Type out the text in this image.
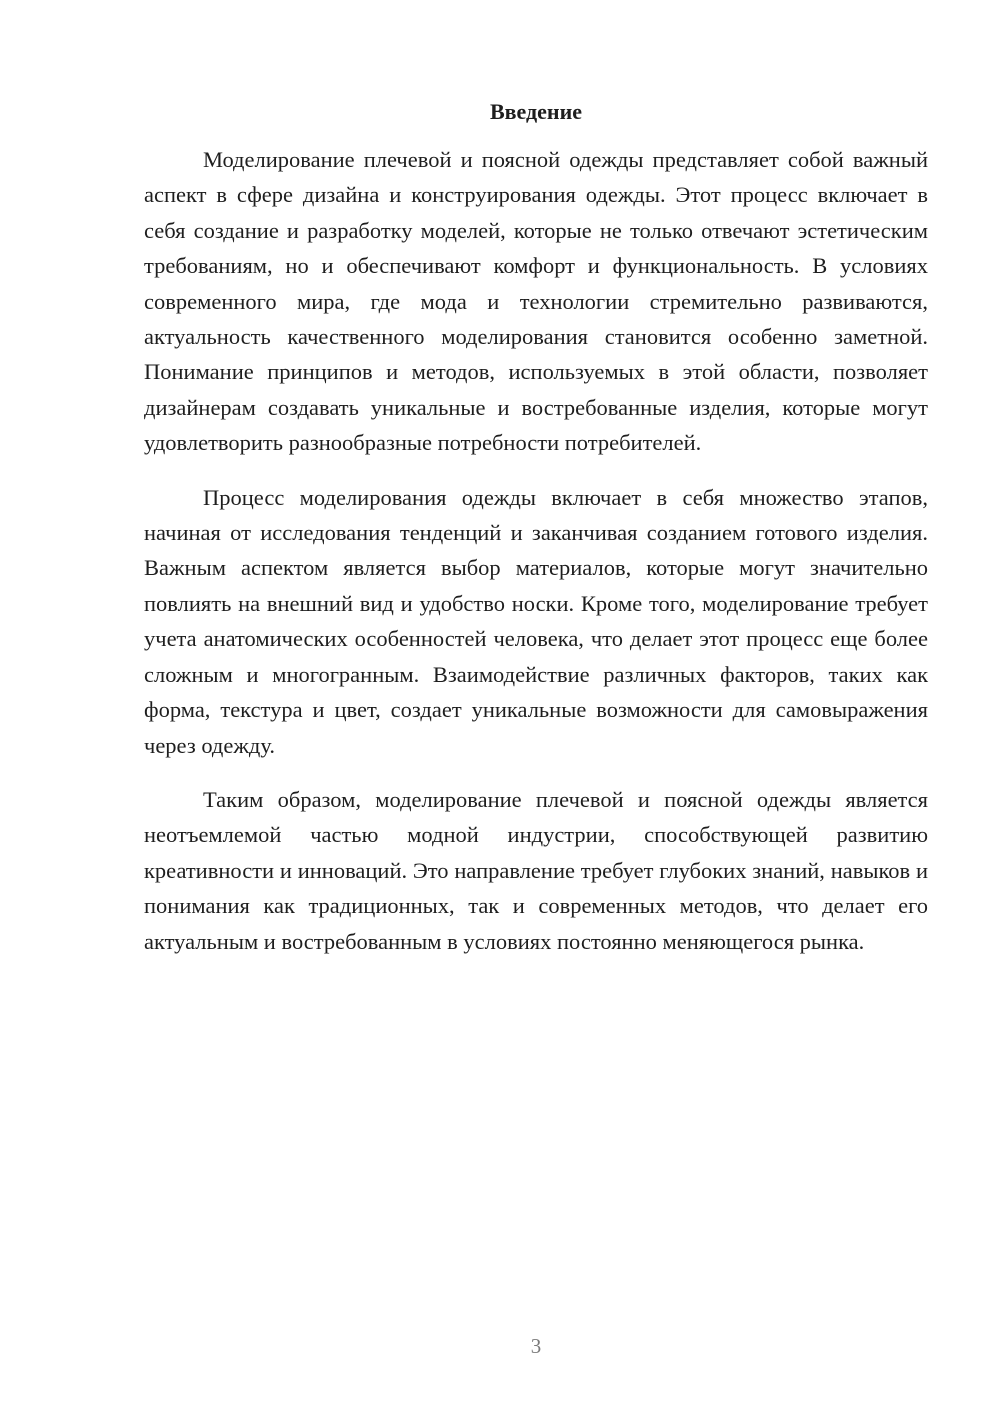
Введение

Моделирование плечевой и поясной одежды представляет собой важный аспект в сфере дизайна и конструирования одежды. Этот процесс включает в себя создание и разработку моделей, которые не только отвечают эстетическим требованиям, но и обеспечивают комфорт и функциональность. В условиях современного мира, где мода и технологии стремительно развиваются, актуальность качественного моделирования становится особенно заметной. Понимание принципов и методов, используемых в этой области, позволяет дизайнерам создавать уникальные и востребованные изделия, которые могут удовлетворить разнообразные потребности потребителей.

Процесс моделирования одежды включает в себя множество этапов, начиная от исследования тенденций и заканчивая созданием готового изделия. Важным аспектом является выбор материалов, которые могут значительно повлиять на внешний вид и удобство носки. Кроме того, моделирование требует учета анатомических особенностей человека, что делает этот процесс еще более сложным и многогранным. Взаимодействие различных факторов, таких как форма, текстура и цвет, создает уникальные возможности для самовыражения через одежду.

Таким образом, моделирование плечевой и поясной одежды является неотъемлемой частью модной индустрии, способствующей развитию креативности и инноваций. Это направление требует глубоких знаний, навыков и понимания как традиционных, так и современных методов, что делает его актуальным и востребованным в условиях постоянно меняющегося рынка.

3
